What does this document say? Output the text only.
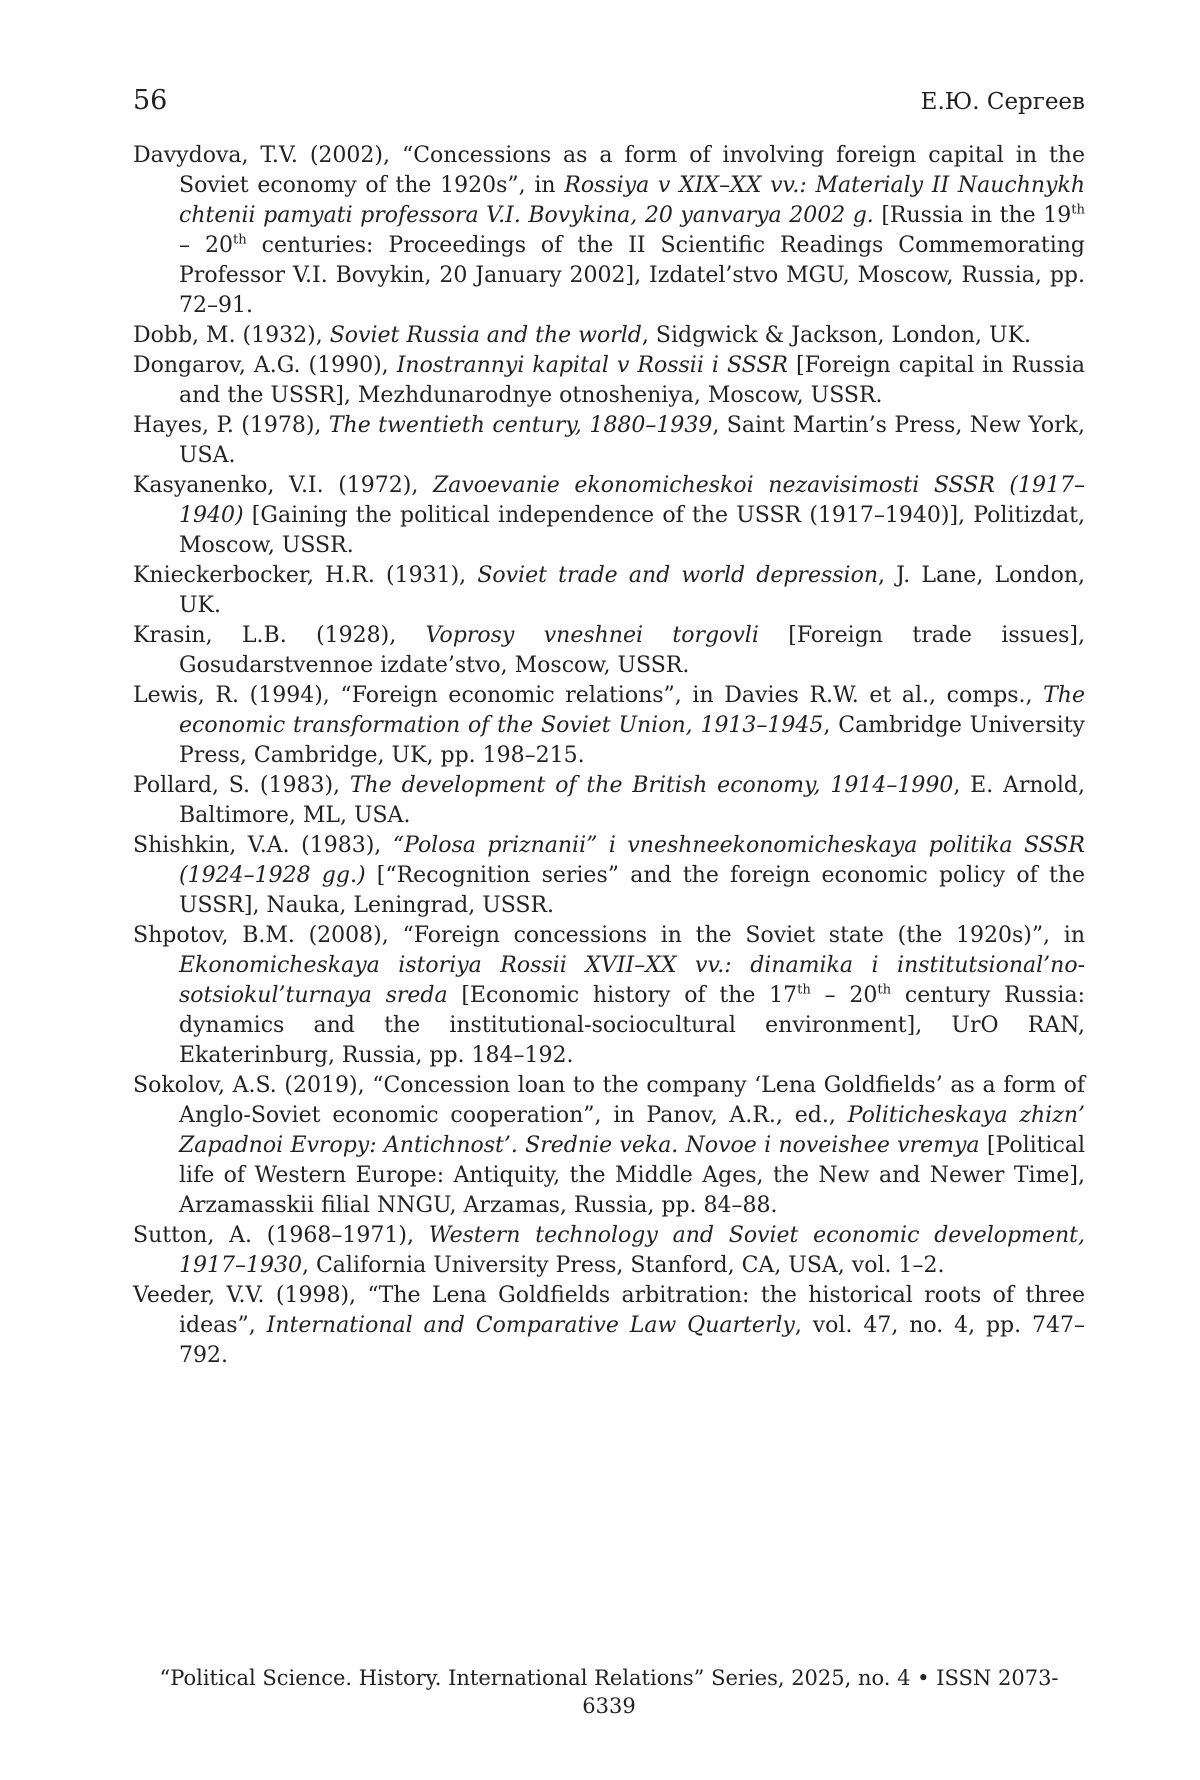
56	Е.Ю. Сергеев

Davydova, T.V. (2002), “Concessions as a form of involving foreign capital in the Soviet economy of the 1920s”, in Rossiya v XIX–XX vv.: Materialy II Nauchnykh chtenii pamyati professora V.I. Bovykina, 20 yanvarya 2002 g. [Russia in the 19th – 20th centuries: Proceedings of the II Scientific Readings Commemorating Professor V.I. Bovykin, 20 January 2002], Izdatel’stvo MGU, Moscow, Russia, pp. 72–91.

Dobb, M. (1932), Soviet Russia and the world, Sidgwick & Jackson, London, UK.

Dongarov, A.G. (1990), Inostrannyi kapital v Rossii i SSSR [Foreign capital in Russia and the USSR], Mezhdunarodnye otnosheniya, Moscow, USSR.

Hayes, P. (1978), The twentieth century, 1880–1939, Saint Martin’s Press, New York, USA.

Kasyanenko, V.I. (1972), Zavoevanie ekonomicheskoi nezavisimosti SSSR (1917–1940) [Gaining the political independence of the USSR (1917–1940)], Politizdat, Moscow, USSR.

Knieckerbocker, H.R. (1931), Soviet trade and world depression, J. Lane, London, UK.

Krasin, L.B. (1928), Voprosy vneshnei torgovli [Foreign trade issues], Gosudarstvennoe izdate’stvo, Moscow, USSR.

Lewis, R. (1994), “Foreign economic relations”, in Davies R.W. et al., comps., The economic transformation of the Soviet Union, 1913–1945, Cambridge University Press, Cambridge, UK, pp. 198–215.

Pollard, S. (1983), The development of the British economy, 1914–1990, E. Arnold, Baltimore, ML, USA.

Shishkin, V.A. (1983), “Polosa priznanii” i vneshneekonomicheskaya politika SSSR (1924–1928 gg.) [“Recognition series” and the foreign economic policy of the USSR], Nauka, Leningrad, USSR.

Shpotov, B.M. (2008), “Foreign concessions in the Soviet state (the 1920s)”, in Ekonomicheskaya istoriya Rossii XVII–XX vv.: dinamika i institutsional’no-sotsiokul’turnaya sreda [Economic history of the 17th – 20th century Russia: dynamics and the institutional-sociocultural environment], UrO RAN, Ekaterinburg, Russia, pp. 184–192.

Sokolov, A.S. (2019), “Concession loan to the company ‘Lena Goldfields’ as a form of Anglo-Soviet economic cooperation”, in Panov, A.R., ed., Politicheskaya zhizn’ Zapadnoi Evropy: Antichnost’. Srednie veka. Novoe i noveishee vremya [Political life of Western Europe: Antiquity, the Middle Ages, the New and Newer Time], Arzamasskii filial NNGU, Arzamas, Russia, pp. 84–88.

Sutton, A. (1968–1971), Western technology and Soviet economic development, 1917–1930, California University Press, Stanford, CA, USA, vol. 1–2.

Veeder, V.V. (1998), “The Lena Goldfields arbitration: the historical roots of three ideas”, International and Comparative Law Quarterly, vol. 47, no. 4, pp. 747–792.

“Political Science. History. International Relations” Series, 2025, no. 4 • ISSN 2073-6339
